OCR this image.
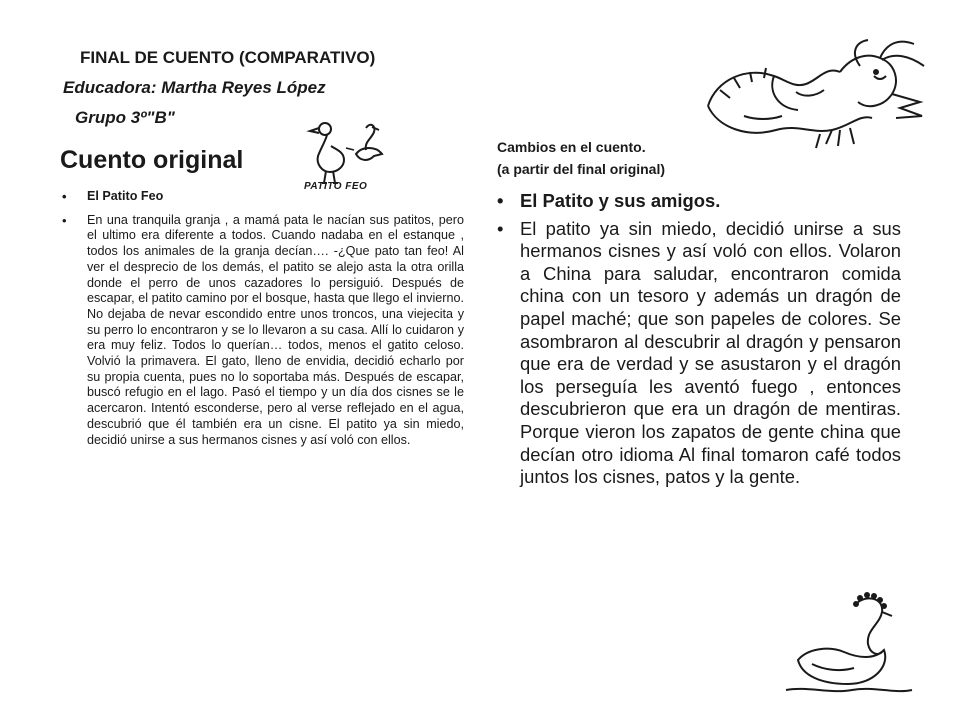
FINAL DE CUENTO (COMPARATIVO)
Educadora: Martha Reyes López
Grupo 3º"B"
Cuento original
PATITO FEO
• El Patito Feo
• En una tranquila granja , a mamá pata le nacían sus patitos, pero el ultimo era diferente a todos. Cuando nadaba en el estanque , todos los animales de la granja decían…. -¿Que pato tan feo! Al ver el desprecio de los demás, el patito se alejo asta la otra orilla donde el perro de unos cazadores lo persiguió. Después de escapar, el patito camino por el bosque, hasta que llego el invierno. No dejaba de nevar escondido entre unos troncos, una viejecita y su perro lo encontraron y se lo llevaron a su casa. Allí lo cuidaron y era muy feliz. Todos lo querían… todos, menos el gatito celoso. Volvió la primavera. El gato, lleno de envidia, decidió echarlo por su propia cuenta, pues no lo soportaba más. Después de escapar, buscó refugio en el lago. Pasó el tiempo y un día dos cisnes se le acercaron. Intentó esconderse, pero al verse reflejado en el agua, descubrió que él también era un cisne. El patito ya sin miedo, decidió unirse a sus hermanos cisnes y así voló con ellos.
Cambios en el cuento.
(a partir del final original)
• El Patito y sus amigos.
• El patito ya sin miedo, decidió unirse a sus hermanos cisnes y así voló con ellos. Volaron a China para saludar, encontraron comida china con un tesoro y además un dragón de papel maché; que son papeles de colores. Se asombraron al descubrir al dragón y pensaron que era de verdad y se asustaron y el dragón los perseguía les aventó fuego , entonces descubrieron que era un dragón de mentiras. Porque vieron los zapatos de gente china que decían otro idioma Al final tomaron café todos juntos los cisnes, patos y la gente.
